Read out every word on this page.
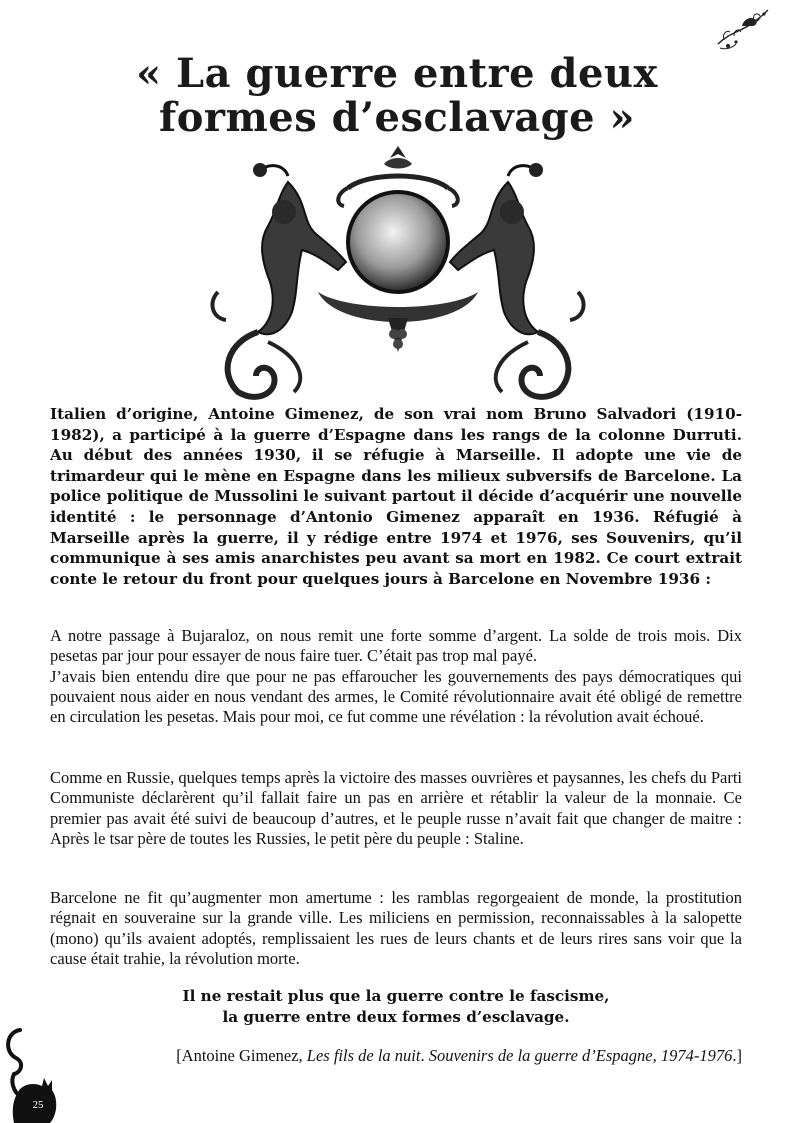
« La guerre entre deux
formes d’esclavage »

Italien d’origine, Antoine Gimenez, de son vrai nom Bruno Salvadori (1910-1982), a participé à la guerre d’Espagne dans les rangs de la colonne Durruti. Au début des années 1930, il se réfugie à Marseille. Il adopte une vie de trimardeur qui le mène en Espagne dans les milieux subversifs de Barcelone. La police politique de Mussolini le suivant partout il décide d’acquérir une nouvelle identité : le personnage d’Antonio Gimenez apparaît en 1936. Réfugié à Marseille après la guerre, il y rédige entre 1974 et 1976, ses Souvenirs, qu’il communique à ses amis anarchistes peu avant sa mort en 1982. Ce court extrait conte le retour du front pour quelques jours à Barcelone en Novembre 1936 :

A notre passage à Bujaraloz, on nous remit une forte somme d’argent. La solde de trois mois. Dix pesetas par jour pour essayer de nous faire tuer. C’était pas trop mal payé.
J’avais bien entendu dire que pour ne pas effaroucher les gouvernements des pays démocratiques qui pouvaient nous aider en nous vendant des armes, le Comité révolutionnaire avait été obligé de remettre en circulation les pesetas. Mais pour moi, ce fut comme une révélation : la révolution avait échoué.

Comme en Russie, quelques temps après la victoire des masses ouvrières et paysannes, les chefs du Parti Communiste déclarèrent qu’il fallait faire un pas en arrière et rétablir la valeur de la monnaie. Ce premier pas avait été suivi de beaucoup d’autres, et le peuple russe n’avait fait que changer de maitre : Après le tsar père de toutes les Russies, le petit père du peuple : Staline.

Barcelone ne fit qu’augmenter mon amertume : les ramblas regorgeaient de monde, la prostitution régnait en souveraine sur la grande ville. Les miliciens en permission, reconnaissables à la salopette (mono) qu’ils avaient adoptés, remplissaient les rues de leurs chants et de leurs rires sans voir que la cause était trahie, la révolution morte.

Il ne restait plus que la guerre contre le fascisme,
la guerre entre deux formes d’esclavage.
[Antoine Gimenez, Les fils de la nuit. Souvenirs de la guerre d’Espagne, 1974-1976.]
25
